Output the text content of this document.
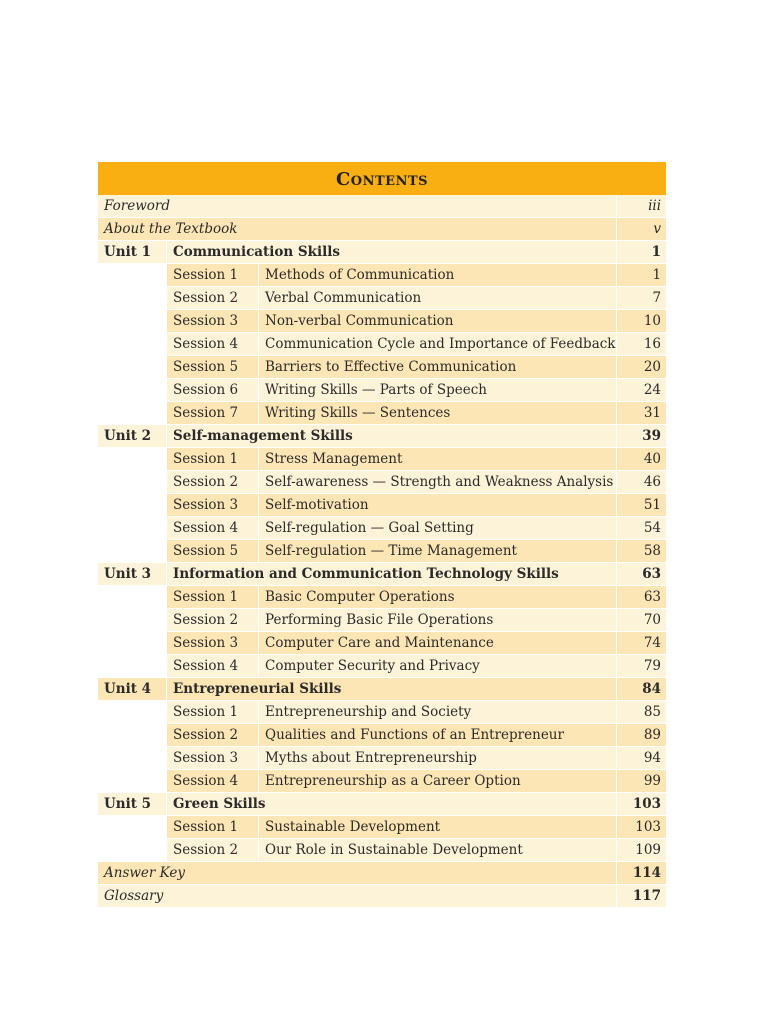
Contents
Foreword			iii
About the Textbook			v
Unit 1	Communication Skills		1
	Session 1	Methods of Communication	1
	Session 2	Verbal Communication	7
	Session 3	Non-verbal Communication	10
	Session 4	Communication Cycle and Importance of Feedback	16
	Session 5	Barriers to Effective Communication	20
	Session 6	Writing Skills — Parts of Speech	24
	Session 7	Writing Skills — Sentences	31
Unit 2	Self-management Skills		39
	Session 1	Stress Management	40
	Session 2	Self-awareness — Strength and Weakness Analysis	46
	Session 3	Self-motivation	51
	Session 4	Self-regulation — Goal Setting	54
	Session 5	Self-regulation — Time Management	58
Unit 3	Information and Communication Technology Skills		63
	Session 1	Basic Computer Operations	63
	Session 2	Performing Basic File Operations	70
	Session 3	Computer Care and Maintenance	74
	Session 4	Computer Security and Privacy	79
Unit 4	Entrepreneurial Skills		84
	Session 1	Entrepreneurship and Society	85
	Session 2	Qualities and Functions of an Entrepreneur	89
	Session 3	Myths about Entrepreneurship	94
	Session 4	Entrepreneurship as a Career Option	99
Unit 5	Green Skills		103
	Session 1	Sustainable Development	103
	Session 2	Our Role in Sustainable Development	109
Answer Key			114
Glossary			117
